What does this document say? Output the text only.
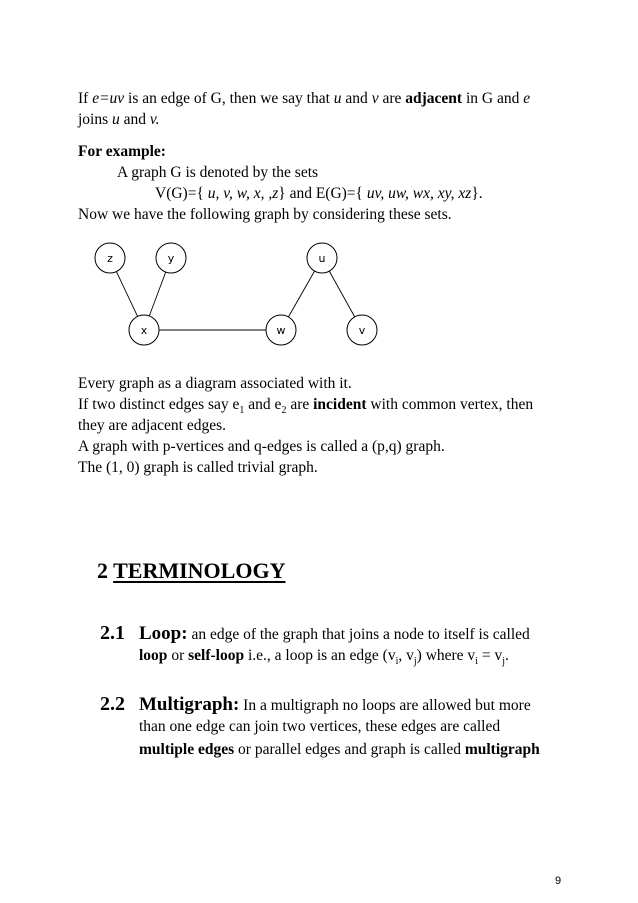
If e=uv is an edge of G, then we say that u and v are adjacent in G and e
joins u and v.
For example:
A graph G is denoted by the sets
V(G)={ u, v, w, x, ,z} and E(G)={ uv, uw, wx, xy, xz}.
Now we have the following graph by considering these sets.
z	y	u
x	w	v
Every graph as a diagram associated with it.
If two distinct edges say $e_1$ and $e_2$ are incident with common vertex, then
they are adjacent edges.
A graph with p-vertices and q-edges is called a (p,q) graph.
The (1, 0) graph is called trivial graph.
2 TERMINOLOGY
2.1 Loop: an edge of the graph that joins a node to itself is called
loop or self-loop i.e., a loop is an edge ($v_i$, $v_j$) where $v_i = v_j$.
2.2 Multigraph: In a multigraph no loops are allowed but more
than one edge can join two vertices, these edges are called
multiple edges or parallel edges and graph is called multigraph
9
